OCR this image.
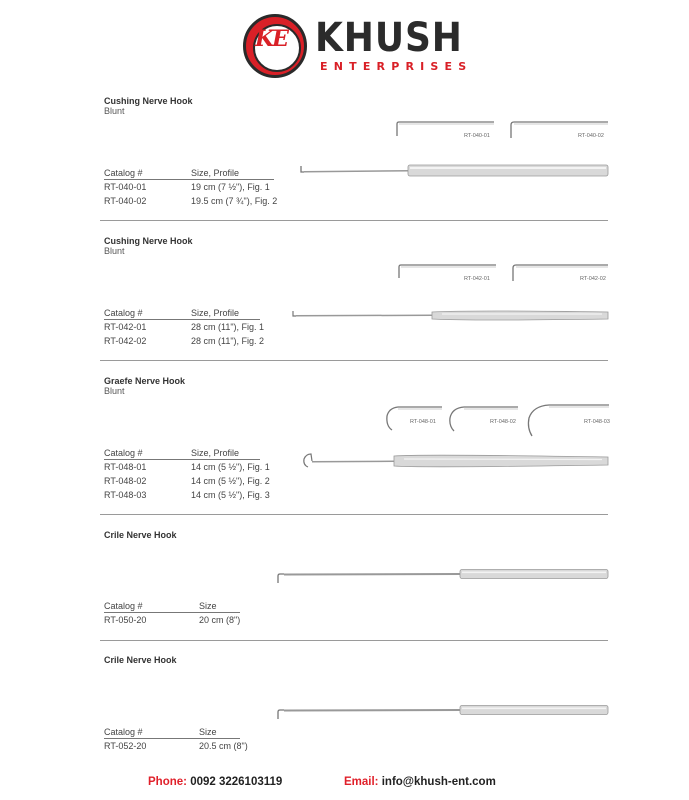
KE KHUSH
ENTERPRISES
Cushing Nerve Hook
Blunt
RT-040-01	RT-040-02
Catalog #	Size, Profile
RT-040-01	19 cm (7 ½"), Fig. 1
RT-040-02	19.5 cm (7 ¾"), Fig. 2
Cushing Nerve Hook
Blunt
RT-042-01	RT-042-02
Catalog #	Size, Profile
RT-042-01	28 cm (11"), Fig. 1
RT-042-02	28 cm (11"), Fig. 2
Graefe Nerve Hook
Blunt
RT-048-01	RT-048-02	RT-048-03
Catalog #	Size, Profile
RT-048-01	14 cm (5 ½"), Fig. 1
RT-048-02	14 cm (5 ½"), Fig. 2
RT-048-03	14 cm (5 ½"), Fig. 3
Crile Nerve Hook
Catalog #	Size
RT-050-20	20 cm (8")
Crile Nerve Hook
Catalog #	Size
RT-052-20	20.5 cm (8")
Phone: 0092 3226103119	Email: info@khush-ent.com
